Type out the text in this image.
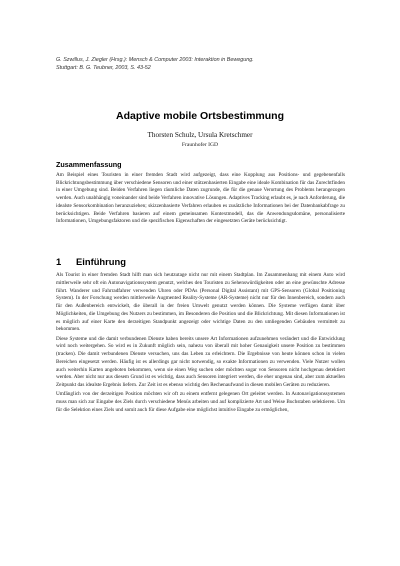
G. Szwillus, J. Ziegler (Hrsg.): Mensch & Computer 2003: Interaktion in Bewegung.
Stuttgart: B. G. Teubner, 2003, S. 43-52
Adaptive mobile Ortsbestimmung
Thorsten Schulz, Ursula Kretschmer
Fraunhofer IGD
Zusammenfassung
Am Beispiel eines Touristen in einer fremden Stadt wird aufgezeigt, dass eine Kopplung aus Positions- und gegebenenfalls Blickrichtungsbestimmung über verschiedene Sensoren und einer stützenbasierten Eingabe eine ideale Kombination für das Zurechtfinden in einer Umgebung sind. Beiden Verfahren liegen räumliche Daten zugrunde, die für die genaue Verortung des Problems herangezogen werden. Auch unabhängig voneinander sind beide Verfahren innovative Lösungen. Adaptives Tracking erlaubt es, je nach Anforderung, die idealste Sensorkombination heranzuziehen; skizzenbasierte Verfahren erlauben es zusätzliche Informationen bei der Datenbankabfrage zu berücksichtigen. Beide Verfahren basieren auf einem gemeinsamen Kontextmodell, das die Anwendungsdomäne, personalisierte Informationen, Umgebungsfaktoren und die spezifischen Eigenschaften der eingesetzten Geräte berücksichtigt.
1 Einführung

Als Tourist in einer fremden Stadt hilft man sich heutzutage nicht nur mit einem Stadtplan. Im Zusammenhang mit einem Auto wird mittlerweile sehr oft ein Autonavigationssystem genutzt, welches den Touristen zu Sehenswürdigkeiten oder an eine gewünschte Adresse führt. Wanderer und Fahrradfahrer verwenden Uhren oder PDAs (Personal Digital Assistant) mit GPS-Sensoren (Global Positioning System). In der Forschung werden mittlerweile Augmented Reality-Systeme (AR-Systeme) nicht nur für den Innenbereich, sondern auch für den Außenbereich entwickelt, die überall in der freien Umwelt genutzt werden können. Die Systeme verfügen damit über Möglichkeiten, die Umgebung des Nutzers zu bestimmen, im Besonderen die Position und die Blickrichtung. Mit diesen Informationen ist es möglich auf einer Karte den derzeitigen Standpunkt angezeigt oder wichtige Daten zu den umliegenden Gebäuden vermittelt zu bekommen.

Diese Systeme und die damit verbundenen Dienste haben bereits unsere Art Informationen aufzunehmen verändert und die Entwicklung wird noch weitergehen. So wird es in Zukunft möglich sein, nahezu von überall mit hoher Genauigkeit unsere Position zu bestimmen (tracken). Die damit verbundenen Dienste versuchen, uns das Leben zu erleichtern. Die Ergebnisse von heute können schon in vielen Bereichen eingesetzt werden. Häufig ist es allerdings gar nicht notwendig, so exakte Informationen zu verwenden. Viele Nutzer wollen auch weiterhin Karten angeboten bekommen, wenn sie einen Weg suchen oder möchten sogar von Sensoren nicht hochgenau detektiert werden. Aber nicht nur aus diesem Grund ist es wichtig, dass auch Sensoren integriert werden, die eher ungenau sind, aber zum aktuellen Zeitpunkt das idealste Ergebnis liefern. Zur Zeit ist es ebenso wichtig den Rechenaufwand in diesen mobilen Geräten zu reduzieren.

Umfänglich von der derzeitigen Position möchten wir oft zu einem entfernt gelegenen Ort geleitet werden. In Autonavigationssystemen muss man sich zur Eingabe des Ziels durch verschiedene Menüs arbeiten und auf komplizierte Art und Weise Buchstaben selektieren. Um für die Selektion eines Ziels und somit auch für diese Aufgabe eine möglichst intuitive Eingabe zu ermöglichen,
